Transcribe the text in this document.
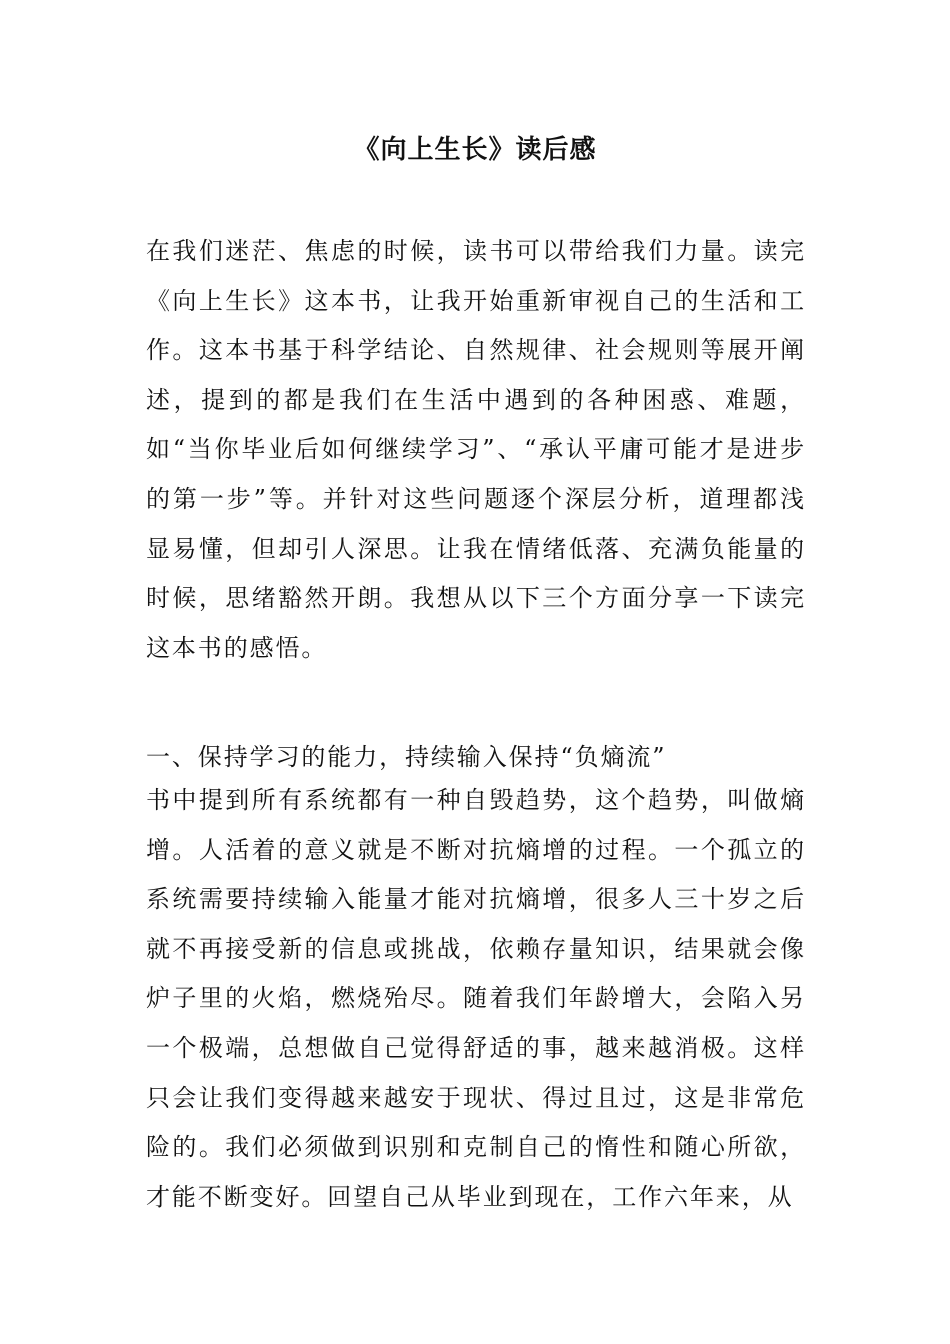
《向上生长》读后感
在我们迷茫、焦虑的时候，读书可以带给我们力量。读完《向上生长》这本书，让我开始重新审视自己的生活和工作。这本书基于科学结论、自然规律、社会规则等展开阐述，提到的都是我们在生活中遇到的各种困惑、难题，如“当你毕业后如何继续学习”、“承认平庸可能才是进步的第一步”等。并针对这些问题逐个深层分析，道理都浅显易懂，但却引人深思。让我在情绪低落、充满负能量的时候，思绪豁然开朗。我想从以下三个方面分享一下读完这本书的感悟。
一、保持学习的能力，持续输入保持“负熵流”
书中提到所有系统都有一种自毁趋势，这个趋势，叫做熵增。人活着的意义就是不断对抗熵增的过程。一个孤立的系统需要持续输入能量才能对抗熵增，很多人三十岁之后就不再接受新的信息或挑战，依赖存量知识，结果就会像炉子里的火焰，燃烧殆尽。随着我们年龄增大，会陷入另一个极端，总想做自己觉得舒适的事，越来越消极。这样只会让我们变得越来越安于现状、得过且过，这是非常危险的。我们必须做到识别和克制自己的惰性和随心所欲，才能不断变好。回望自己从毕业到现在，工作六年来，从
